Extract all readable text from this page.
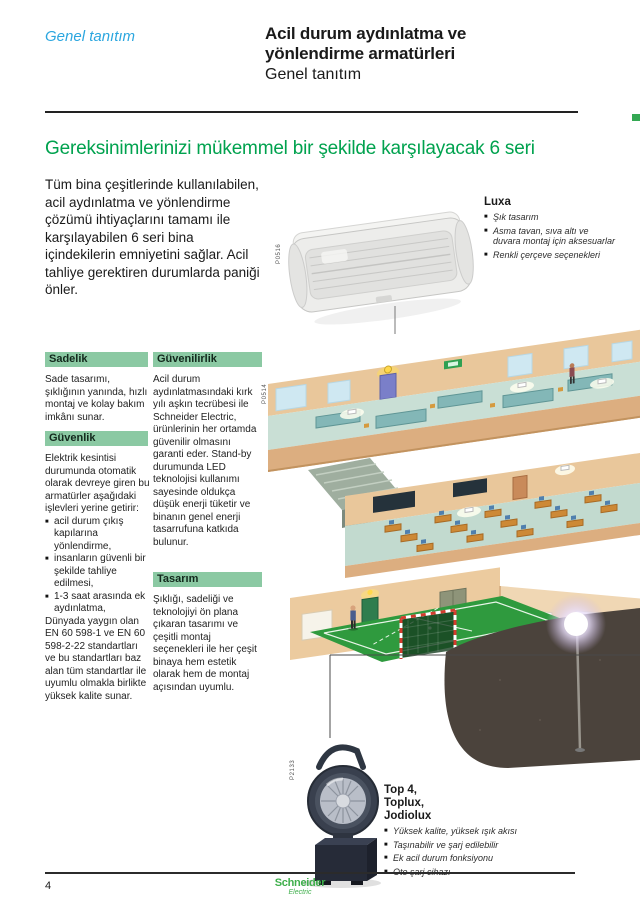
Genel tanıtım	Acil durum aydınlatma ve
yönlendirme armatürleri
Genel tanıtım
Gereksinimlerinizi mükemmel bir şekilde karşılayacak 6 seri
Tüm bina çeşitlerinde kullanılabilen, acil aydınlatma ve yönlendirme çözümü ihtiyaçlarını tamamı ile karşılayabilen 6 seri bina içindekilerin emniyetini sağlar. Acil tahliye gerektiren durumlarda paniği önler.
Luxa
■ Şık tasarım
■ Asma tavan, sıva altı ve duvara montaj için aksesuarlar
■ Renkli çerçeve seçenekleri
P0516
P0514
P2133
Sadelik
Sade tasarımı, şıklığının yanında, hızlı montaj ve kolay bakım imkânı sunar.
Güvenlik

Elektrik kesintisi durumunda otomatik olarak devreye giren bu armatürler aşağıdaki işlevleri yerine getirir:

■ acil durum çıkış kapılarına yönlendirme,
■ insanların güvenli bir şekilde tahliye edilmesi,
■ 1-3 saat arasında ek aydınlatma,

Dünyada yaygın olan EN 60 598-1 ve EN 60 598-2-22 standartları ve bu standartları baz alan tüm standartlar ile uyumlu olmakla birlikte yüksek kalite sunar.

Güvenilirlik
Acil durum aydınlatmasındaki kırk yılı aşkın tecrübesi ile Schneider Electric, ürünlerinin her ortamda güvenilir olmasını garanti eder. Stand-by durumunda LED teknolojisi kullanımı sayesinde oldukça düşük enerji tüketir ve binanın genel enerji tasarrufuna katkıda bulunur.
Tasarım
Şıklığı, sadeliği ve teknolojiyi ön plana çıkaran tasarımı ve çeşitli montaj seçenekleri ile her çeşit binaya hem estetik olarak hem de montaj açısından uyumlu.
Top 4,
Toplux,
Jodiolux
■ Yüksek kalite, yüksek ışık akısı
■ Taşınabilir ve şarj edilebilir
■ Ek acil durum fonksiyonu
■
4	Schneider
Electric
